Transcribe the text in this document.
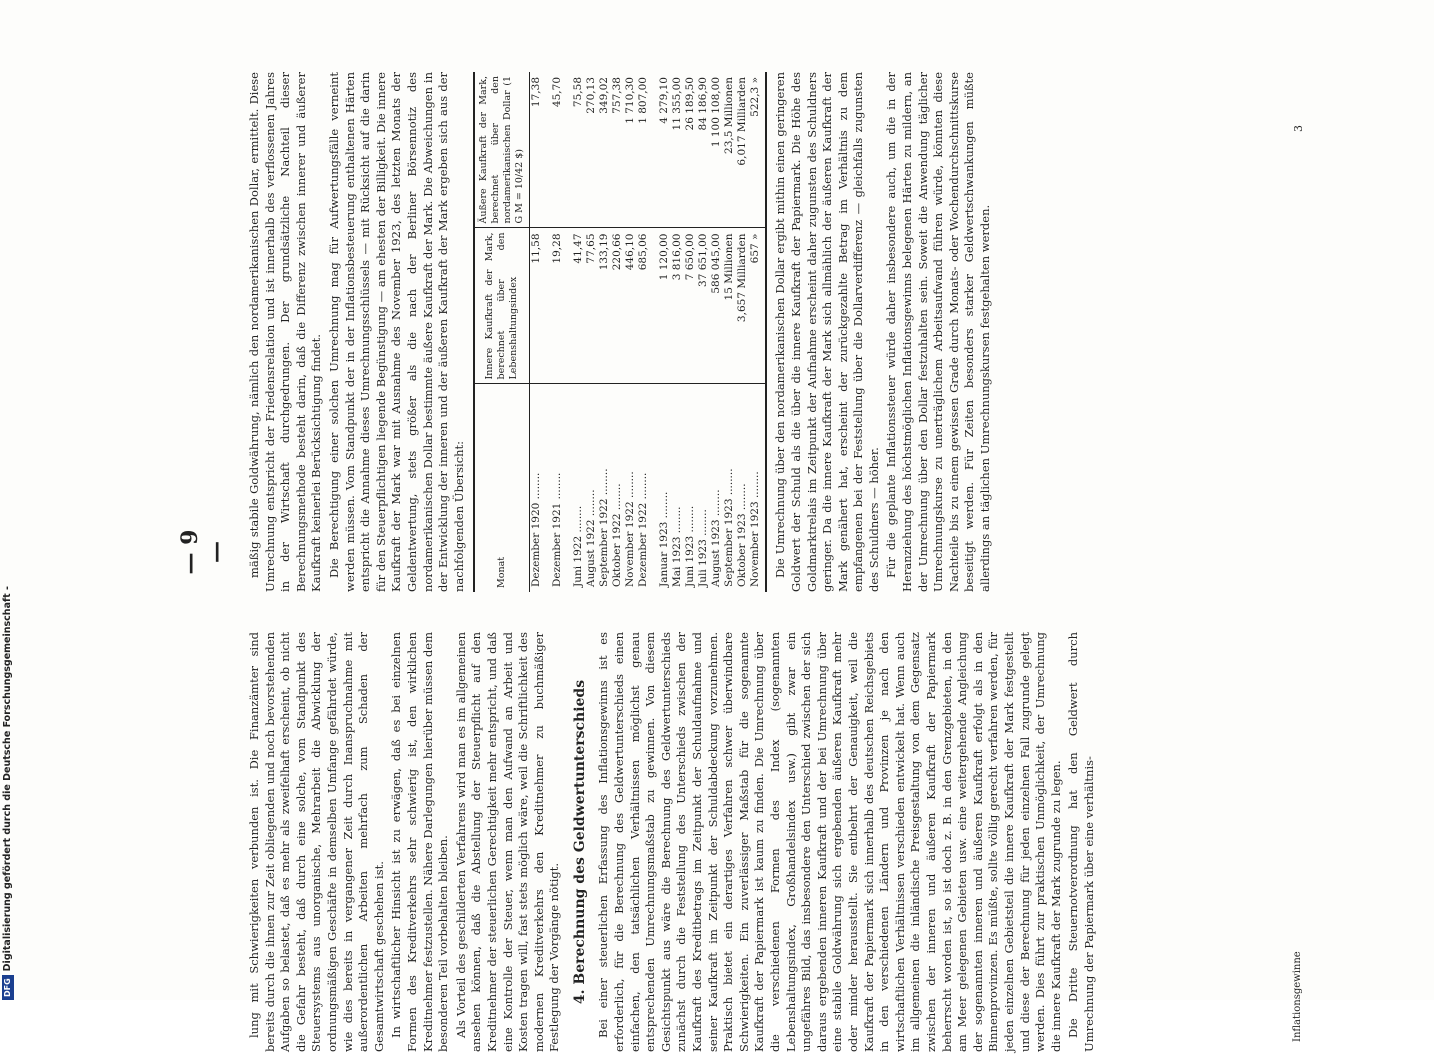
— 9 —

lung mit Schwierigkeiten verbunden ist. Die Finanzämter sind bereits durch die ihnen zur Zeit obliegenden und noch bevorstehenden Aufgaben so belastet, daß es mehr als zweifelhaft erscheint, ob nicht die Gefahr besteht, daß durch eine solche, vom Standpunkt des Steuersystems aus unorganische, Mehrarbeit die Abwicklung der ordnungsmäßigen Geschäfte in demselben Umfange gefährdet würde, wie dies bereits in vergangener Zeit durch Inanspruchnahme mit außerordentlichen Arbeiten mehrfach zum Schaden der Gesamtwirtschaft geschehen ist. In wirtschaftlicher Hinsicht ist zu erwägen, daß es bei einzelnen Formen des Kreditverkehrs sehr schwierig ist, den wirklichen Kreditnehmer festzustellen. Nähere Darlegungen hierüber müssen dem besonderen Teil vorbehalten bleiben. Als Vorteil des geschilderten Verfahrens wird man es im allgemeinen ansehen können, daß die Abstellung der Steuerpflicht auf den Kreditnehmer der steuerlichen Gerechtigkeit mehr entspricht, und daß eine Kontrolle der Steuer, wenn man den Aufwand an Arbeit und Kosten tragen will, fast stets möglich wäre, weil die Schriftlichkeit des modernen Kreditverkehrs den Kreditnehmer zu buchmäßiger Festlegung der Vorgänge nötigt. 4. Berechnung des Geldwertunterschieds Bei einer steuerlichen Erfassung des Inflationsgewinns ist es erforderlich, für die Berechnung des Geldwertunterschieds einen einfachen, den tatsächlichen Verhältnissen möglichst genau entsprechenden Umrechnungsmaßstab zu gewinnen. Von diesem Gesichtspunkt aus wäre die Berechnung des Geldwertunterschieds zunächst durch die Feststellung des Unterschieds zwischen der Kaufkraft des Kreditbetrags im Zeitpunkt der Schuldaufnahme und seiner Kaufkraft im Zeitpunkt der Schuldabdeckung vorzunehmen. Praktisch bietet ein derartiges Verfahren schwer überwindbare Schwierigkeiten. Ein zuverlässiger Maßstab für die sogenannte Kaufkraft der Papiermark ist kaum zu finden. Die Umrechnung über die verschiedenen Formen des Index (sogenannten Lebenshaltungsindex, Großhandelsindex usw.) gibt zwar ein ungefähres Bild, das insbesondere den Unterschied zwischen der sich daraus ergebenden inneren Kaufkraft und der bei Umrechnung über eine stabile Goldwährung sich ergebenden äußeren Kaufkraft mehr oder minder herausstellt. Sie entbehrt der Genauigkeit, weil die Kaufkraft der Papiermark sich innerhalb des deutschen Reichsgebiets in den verschiedenen Ländern und Provinzen je nach den wirtschaftlichen Verhältnissen verschieden entwickelt hat. Wenn auch im allgemeinen die inländische Preisgestaltung von dem Gegensatz zwischen der inneren und äußeren Kaufkraft der Papiermark beherrscht worden ist, so ist doch z. B. in den Grenzgebieten, in den am Meer gelegenen Gebieten usw. eine weitergehende Angleichung der sogenannten inneren und äußeren Kaufkraft erfolgt als in den Binnenprovinzen. Es müßte, sollte völlig gerecht verfahren werden, für jeden einzelnen Gebietsteil die innere Kaufkraft der Mark festgestellt und diese der Berechnung für jeden einzelnen Fall zugrunde gelegt werden. Dies führt zur praktischen Unmöglichkeit, der Umrechnung die innere Kaufkraft der Mark zugrunde zu legen. Die Dritte Steuernotverordnung hat den Geldwert durch Umrechnung der Papiermark über eine verhältnis-

mäßig stabile Goldwährung, nämlich den nordamerikanischen Dollar, ermittelt. Diese Umrechnung entspricht der Friedensrelation und ist innerhalb des verflossenen Jahres in der Wirtschaft durchgedrungen. Der grundsätzliche Nachteil dieser Berechnungsmethode besteht darin, daß die Differenz zwischen innerer und äußerer Kaufkraft keinerlei Berücksichtigung findet. Die Berechtigung einer solchen Umrechnung mag für Aufwertungsfälle verneint werden müssen. Vom Standpunkt der in der Inflationsbesteuerung enthaltenen Härten entspricht die Annahme dieses Umrechnungsschlüssels — mit Rücksicht auf die darin für den Steuerpflichtigen liegende Begünstigung — am ehesten der Billigkeit. Die innere Kaufkraft der Mark war mit Ausnahme des November 1923, des letzten Monats der Geldentwertung, stets größer als die nach der Berliner Börsennotiz des nordamerikanischen Dollar bestimmte äußere Kaufkraft der Mark. Die Abweichungen in der Entwicklung der inneren und der äußeren Kaufkraft der Mark ergeben sich aus der nachfolgenden Übersicht:	Monat	Innere Kaufkraft der Mark, berechnet über den Lebenshaltungsindex	Äußere Kaufkraft der Mark, berechnet über den nordamerikanischen Dollar (1 G M = 10/42 $)
Dezember 1920 ........	11,58	17,38
Dezember 1921 ........	19,28	45,70
Juni 1922 ........	41,47	75,58
August 1922 ........	77,65	270,13
September 1922 ........	133,19	349,02
Oktober 1922 ........	220,66	757,38
November 1922 ........	446,10	1 710,30
Dezember 1922 ........	685,06	1 807,00
Januar 1923 ........	1 120,00	4 279,10
Mai 1923 ........	3 816,00	11 355,00
Juni 1923 ........	7 650,00	26 189,50
Juli 1923 ........	37 651,00	84 186,90
August 1923 ........	586 045,00	1 100 108,00
September 1923 ........	15 Millionen	23,5 Millionen
Oktober 1923 ........	3,657 Milliarden	6,017 Milliarden
November 1923 ........	657 »	522,3 » Die Umrechnung über den nordamerikanischen Dollar ergibt mithin einen geringeren Goldwert der Schuld als die über die innere Kaufkraft der Papiermark. Die Höhe des Goldmarktrelais im Zeitpunkt der Aufnahme erscheint daher zugunsten des Schuldners geringer. Da die innere Kaufkraft der Mark sich allmählich der äußeren Kaufkraft der Mark genähert hat, erscheint der zurückgezahlte Betrag im Verhältnis zu dem empfangenen bei der Feststellung über die Dollarverdifferenz — gleichfalls zugunsten des Schuldners — höher. Für die geplante Inflationssteuer würde daher insbesondere auch, um die in der Heranziehung des höchstmöglichen Inflationsgewinns belegenen Härten zu mildern, an der Umrechnung über den Dollar festzuhalten sein. Soweit die Anwendung täglicher Umrechnungskurse zu unerträglichem Arbeitsaufwand führen würde, könnten diese Nachteile bis zu einem gewissen Grade durch Monats- oder Wochendurchschnittskurse beseitigt werden. Für Zeiten besonders starker Geldwertschwankungen müßte allerdings an täglichen Umrechnungskursen festgehalten werden.

Inflationsgewinne
3
DFGDigitalisierung gefördert durch die Deutsche Forschungsgemeinschaft -
